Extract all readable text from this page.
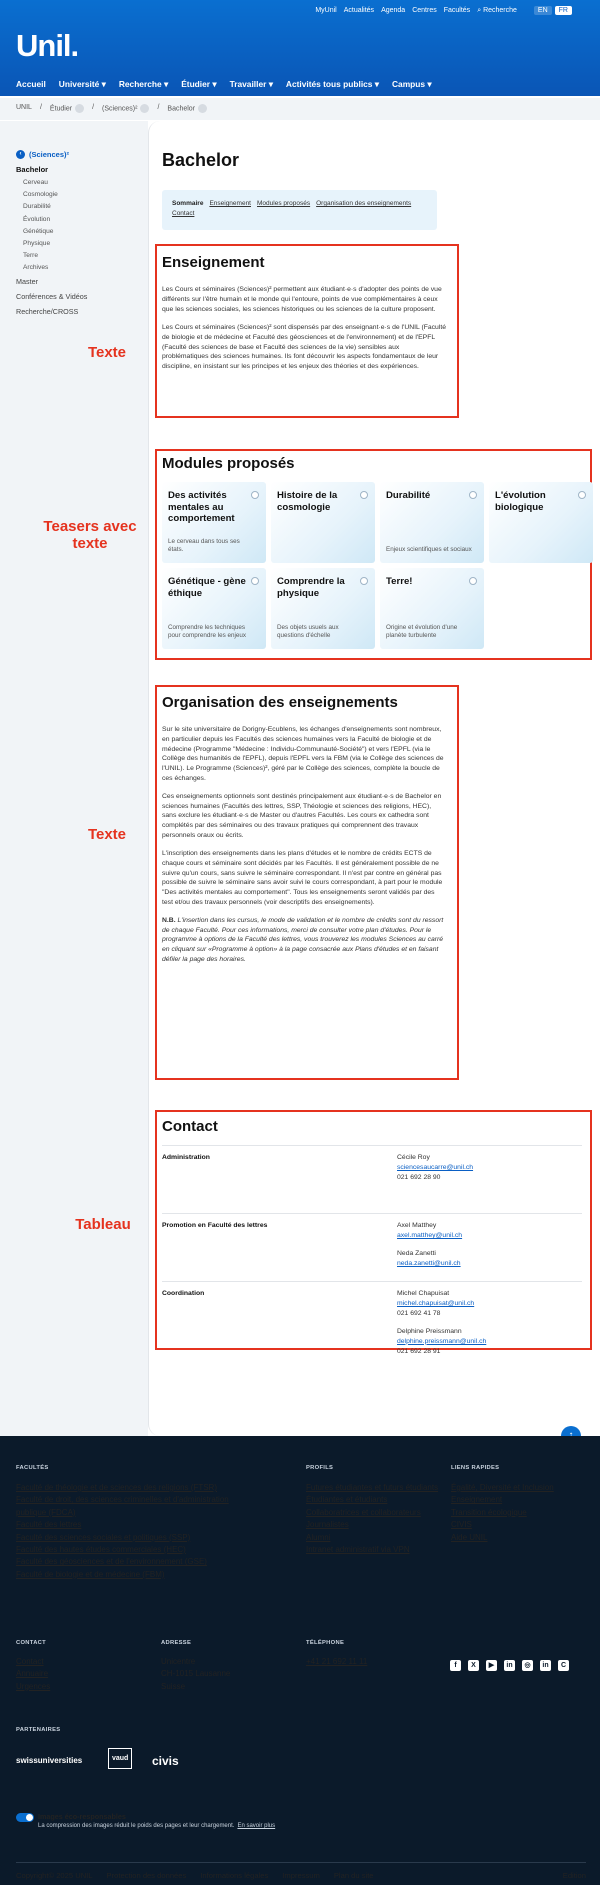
MyUnil Actualités Agenda Centres Facultés ⌕ Recherche	EN	FR
Unil.
Accueil Université ▾ Recherche ▾ Étudier ▾ Travailler ▾ Activités tous publics ▾ Campus ▾
UNIL / Étudier	/ (Sciences)²	/ Bachelor
‹	(Sciences)²
Bachelor
Cerveau
Cosmologie
Durabilité
Évolution
Génétique
Physique
Terre
Archives
Master
Conférences & Vidéos
Recherche/CROSS
Bachelor
Sommaire Enseignement Modules proposés Organisation des enseignements
Contact
Texte
Enseignement

Les Cours et séminaires (Sciences)² permettent aux étudiant·e·s d'adopter des points de vue différents sur l'être humain et le monde qui l'entoure, points de vue complémentaires à ceux que les sciences sociales, les sciences historiques ou les sciences de la culture proposent.

Les Cours et séminaires (Sciences)² sont dispensés par des enseignant·e·s de l'UNIL (Faculté de biologie et de médecine et Faculté des géosciences et de l'environnement) et de l'EPFL (Faculté des sciences de base et Faculté des sciences de la vie) sensibles aux problématiques des sciences humaines. Ils font découvrir les aspects fondamentaux de leur discipline, en insistant sur les principes et les enjeux des théories et des expériences.

Teasers avec texte
Modules proposés
Des activités mentales au comportement
Le cerveau dans tous ses états.
Histoire de la cosmologie
Durabilité
Enjeux scientifiques et sociaux
L'évolution biologique
Génétique - gène éthique
Comprendre les techniques pour comprendre les enjeux
Comprendre la physique
Des objets usuels aux questions d'échelle
Terre!
Origine et évolution d'une planète turbulente
Texte
Organisation des enseignements

Sur le site universitaire de Dorigny-Ecublens, les échanges d'enseignements sont nombreux, en particulier depuis les Facultés des sciences humaines vers la Faculté de biologie et de médecine (Programme "Médecine : Individu-Communauté-Société") et vers l'EPFL (via le Collège des humanités de l'EPFL), depuis l'EPFL vers la FBM (via le Collège des sciences de l'UNIL). Le Programme (Sciences)², géré par le Collège des sciences, complète la boucle de ces échanges.

Ces enseignements optionnels sont destinés principalement aux étudiant·e·s de Bachelor en sciences humaines (Facultés des lettres, SSP, Théologie et sciences des religions, HEC), sans exclure les étudiant·e·s de Master ou d'autres Facultés. Les cours ex cathedra sont complétés par des séminaires ou des travaux pratiques qui comprennent des travaux personnels oraux ou écrits.

L'inscription des enseignements dans les plans d'études et le nombre de crédits ECTS de chaque cours et séminaire sont décidés par les Facultés. Il est généralement possible de ne suivre qu'un cours, sans suivre le séminaire correspondant. Il n'est par contre en général pas possible de suivre le séminaire sans avoir suivi le cours correspondant, à part pour le module "Des activités mentales au comportement". Tous les enseignements seront validés par des test et/ou des travaux personnels (voir descriptifs des enseignements).

N.B. L'insertion dans les cursus, le mode de validation et le nombre de crédits sont du ressort de chaque Faculté. Pour ces informations, merci de consulter votre plan d'études. Pour le programme à options de la Faculté des lettres, vous trouverez les modules Sciences au carré en cliquant sur «Programme à option» à la page consacrée aux Plans d'études et en faisant défiler la page des horaires.

Tableau
Contact
Administration	Cécile Roy
sciencesaucarre@unil.ch
021 692 28 90
Promotion en Faculté des lettres	Axel Matthey
axel.matthey@unil.ch
Neda Zanetti
neda.zanetti@unil.ch
Coordination	Michel Chapuisat
michel.chapuisat@unil.ch
021 692 41 78
Delphine Preissmann
delphine.preissmann@unil.ch
021 692 28 91
FACULTÉS
Faculté de théologie et de sciences des religions (FTSR)
Faculté de droit, des sciences criminelles et d'administration publique (FDCA)
Faculté des lettres
Faculté des sciences sociales et politiques (SSP)
Faculté des hautes études commerciales (HEC)
Faculté des géosciences et de l'environnement (GSE)
Faculté de biologie et de médecine (FBM)
PROFILS
Futures étudiantes et futurs étudiants
Étudiantes et étudiants
Collaboratrices et collaborateurs
Journalistes
Alumni
Intranet administratif via VPN
LIENS RAPIDES
Égalité, Diversité et Inclusion
Enseignement
Transition écologique
CIVIS
Aide UNIL
CONTACT
Contact
Annuaire
Urgences
ADRESSE
Unicentre
CH-1015 Lausanne
Suisse
TÉLÉPHONE
+41 21 692 11 11	f	X	▶	in	◎	in	C
PARTENAIRES
swissuniversities	vaud	civis
Images éco-responsables
La compression des images réduit le poids des pages et leur chargement. En savoir plus
Copyright© 2025 UNIL Protection des données Informations légales Impressum Plan du site	Edition
